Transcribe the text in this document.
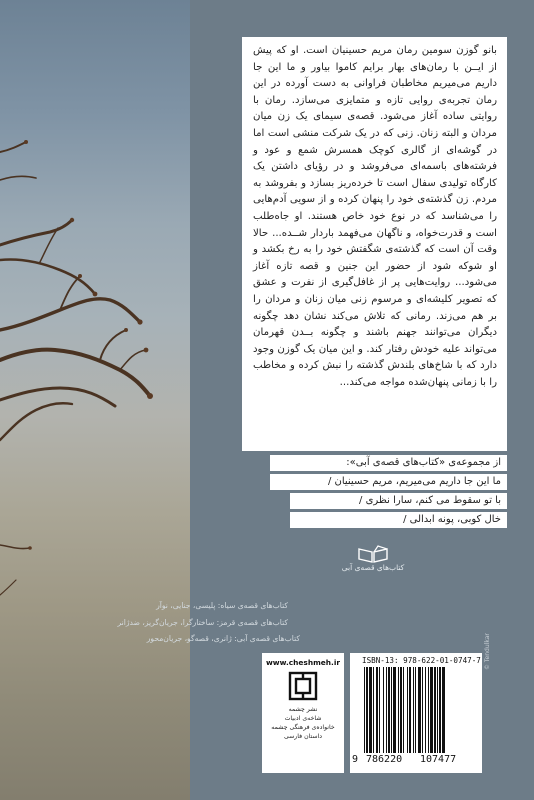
بانو گوزن سومین رمان مریم حسینیان است. او که پیش از ایــن با رمان‌های بهار برایم کاموا بیاور و ما این جا داریم می‌میریم مخاطبان فراوانی به دست آورده در این رمان تجربه‌ی روایی تازه و متمایزی می‌سازد. رمان با روایتی ساده آغاز می‌شود. قصه‌ی سیمای یک زن میان مردان و البته زنان. زنی که در یک شرکت منشی است اما در گوشه‌ای از گالری کوچک همسرش شمع و عود و فرشته‌های باسمه‌ای می‌فروشد و در رؤیای داشتن یک کارگاه تولیدی سفال است تا خرده‌ریز بسازد و بفروشد به مردم. زن گذشته‌ی خود را پنهان کرده و از سویی آدم‌هایی را می‌شناسد که در نوع خود خاص هستند. او جاه‌طلب است و قدرت‌خواه، و ناگهان می‌فهمد باردار شــده... حالا وقت آن است که گذشته‌ی شگفتش خود را به رخ بکشد و او شوکه شود از حضور این جنین و قصه تازه آغاز می‌شود... روایت‌هایی پر از غافل‌گیری از نفرت و عشق که تصویر کلیشه‌ای و مرسوم زنی میان زنان و مردان را بر هم می‌زند. رمانی که تلاش می‌کند نشان دهد چگونه دیگران می‌توانند جهنم باشند و چگونه بــدن قهرمان می‌تواند علیه خودش رفتار کند. و این میان یک گوزن وجود دارد که با شاخ‌های بلندش گذشته را نبش کرده و مخاطب را با زمانی پنهان‌شده مواجه می‌کند...

از مجموعه‌ی «کتاب‌های قصه‌ی آبی»:
ما این جا داریم می‌میریم، مریم حسینیان /
با تو سقوط می کنم، سارا نظری /
خال کوبی، پونه ابدالی /
کتاب‌های قصه‌ی آبی
کتاب‌های قصه‌ی سیاه: پلیسی، جنایی، نوآر
کتاب‌های قصه‌ی قرمز: ساختارگرا، جریان‌گریز، ضدژانر
کتاب‌های قصه‌ی آبی: ژانری، قصه‌گو، جریان‌محور
www.cheshmeh.ir
نشر چشمه
شاخه‌ی ادبیات
خانواده‌ی فرهنگی چشمه
داستان فارسی
ISBN-13: 978-622-01-0747-7
9 786220 107477
© Tendulkar
